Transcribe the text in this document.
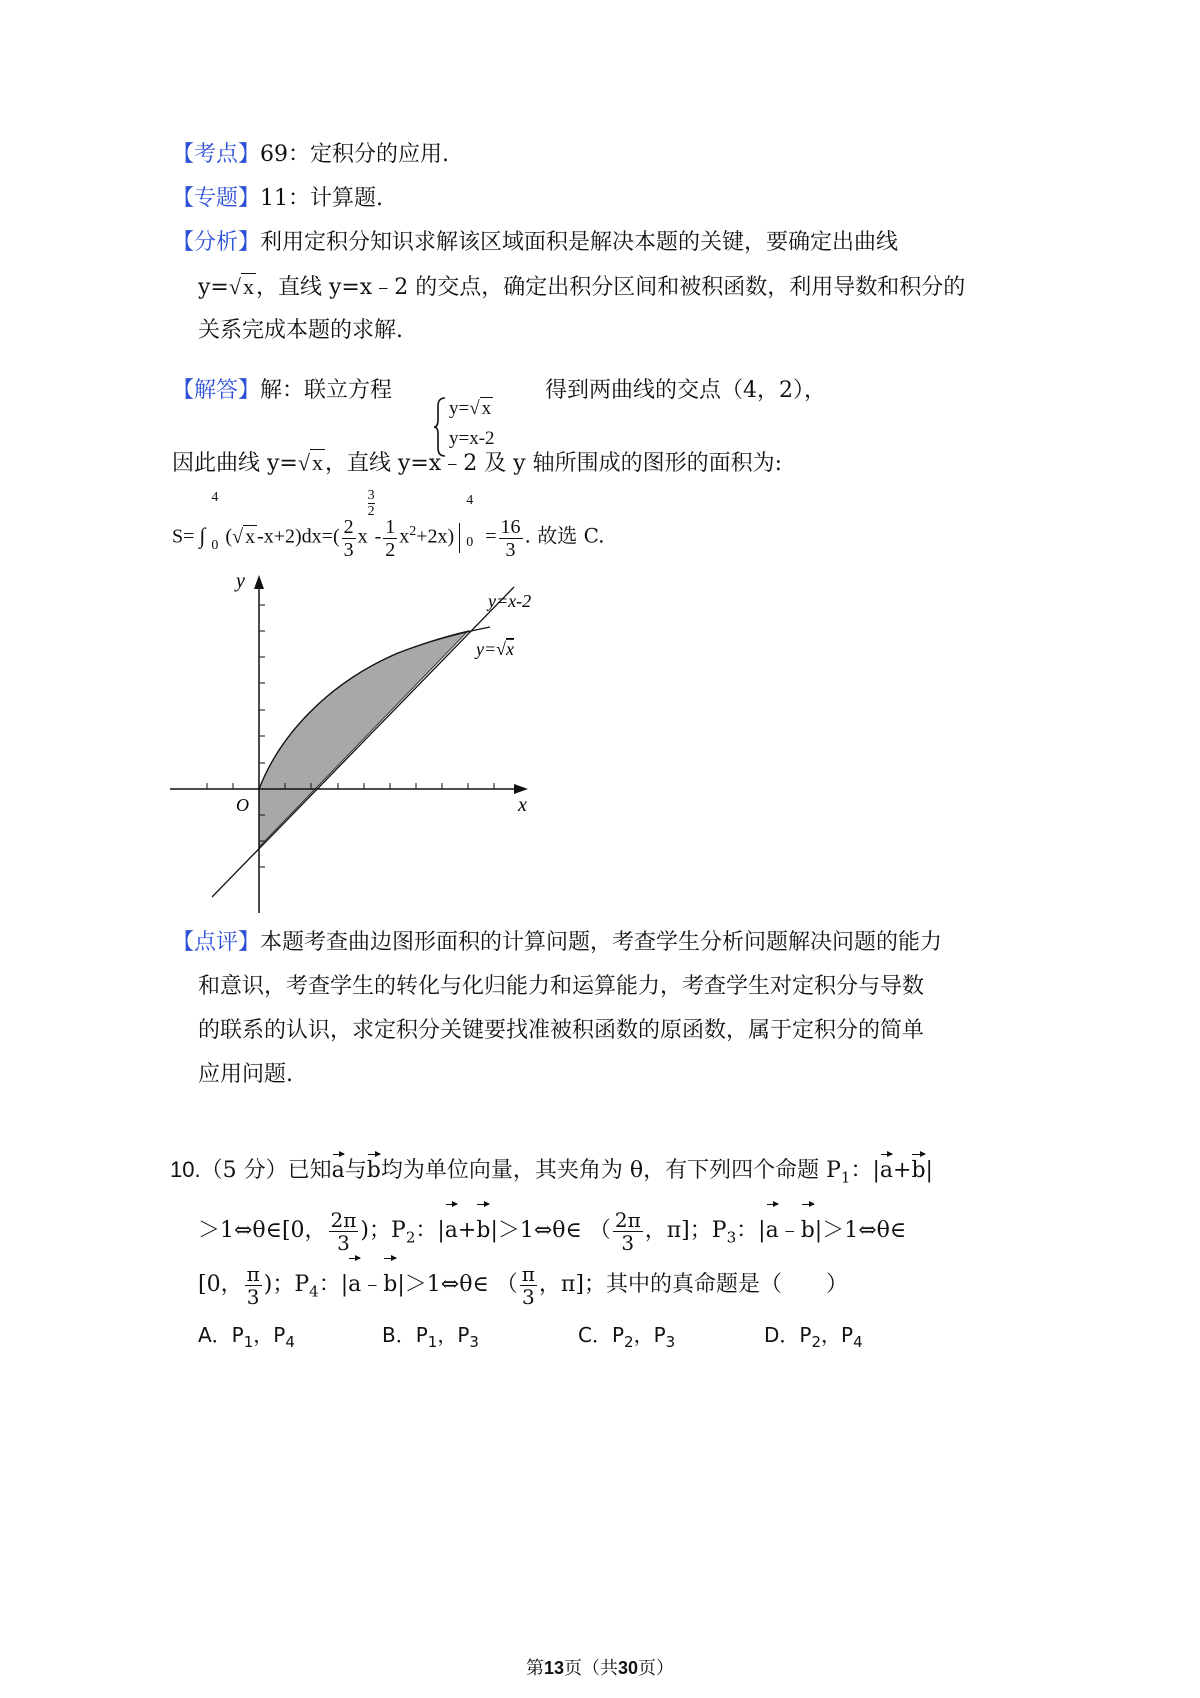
【考点】69：定积分的应用.
【专题】11：计算题.
【分析】利用定积分知识求解该区域面积是解决本题的关键，要确定出曲线
y=√x，直线 y=x﹣2 的交点，确定出积分区间和被积函数，利用导数和积分的
关系完成本题的求解.
【解答】解：联立方程
y=√ x
y=x-2
得到两曲线的交点（4，2），
因此曲线 y=√x，直线 y=x﹣2 及 y 轴所围成的图形的面积为:
S= ∫
4
0 (√ x $-x+2)dx=( \frac{2}{3}$ x
$\frac{3}{2}$
- $\frac{1}{2} x^2+2x$)
4
$0 = \frac{16}{3}$ . 故选 C.
y
x
O
y=x-2
y=√x
【点评】本题考查曲边图形面积的计算问题，考查学生分析问题解决问题的能力
和意识，考查学生的转化与化归能力和运算能力，考查学生对定积分与导数
的联系的认识，求定积分关键要找准被积函数的原函数，属于定积分的简单
应用问题.
10.（5 分）已知a与b均为单位向量，其夹角为 θ，有下列四个命题 $P_1$：|a+b|
＞1⇔θ∈[0， $\frac{2\pi}{3}$ )；$P_2$：|a+b|＞1⇔θ∈ （ $\frac{2\pi}{3}$ ，π]；$P_3$：|a﹣b|＞1⇔θ∈
[0， $\frac{\pi}{3}$ )；$P_4$：|a﹣b|＞1⇔θ∈ （ $\frac{\pi}{3}$ ，π]；其中的真命题是（　　）
A．$P_1$，$P_4$	B．$P_1$，$P_3$	C．$P_2$，$P_3$	D．$P_2$，$P_4$
第13页（共30页）
